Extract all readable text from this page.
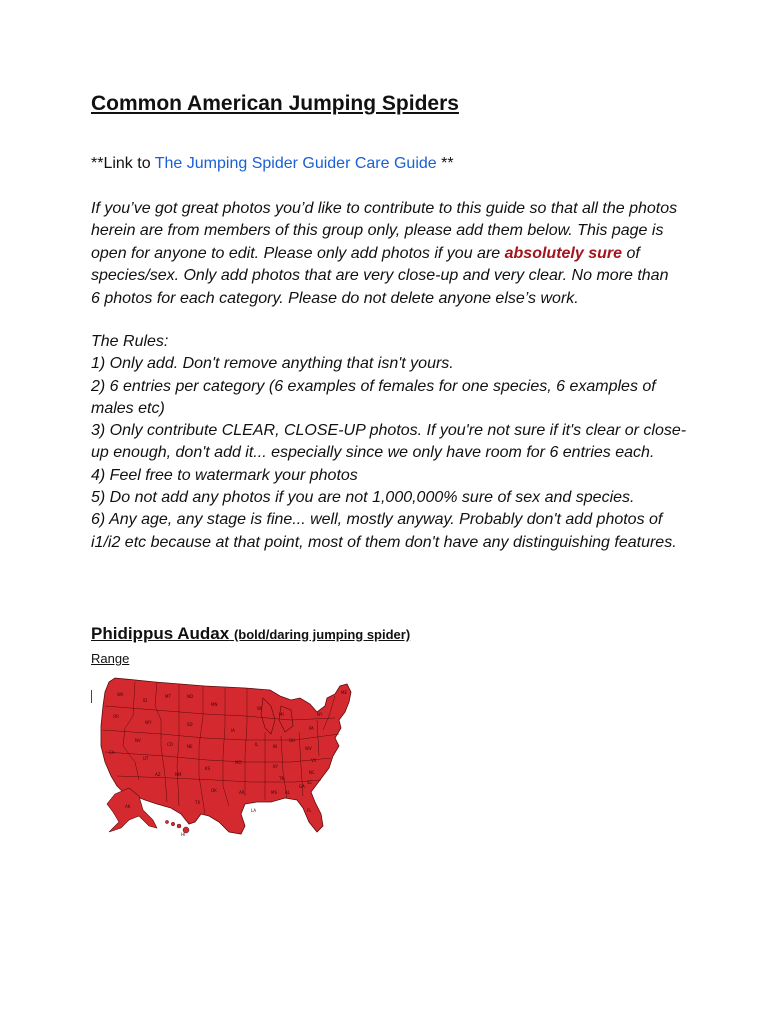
Common American Jumping Spiders

**Link to The Jumping Spider Guider Care Guide **

If you’ve got great photos you’d like to contribute to this guide so that all the photos herein are from members of this group only, please add them below. This page is open for anyone to edit. Please only add photos if you are absolutely sure of species/sex. Only add photos that are very close-up and very clear. No more than 6 photos for each category. Please do not delete anyone else’s work.

The Rules:
1) Only add. Don't remove anything that isn't yours.
2) 6 entries per category (6 examples of females for one species, 6 examples of males etc)
3) Only contribute CLEAR, CLOSE-UP photos. If you're not sure if it's clear or close-up enough, don't add it... especially since we only have room for 6 entries each.
4) Feel free to watermark your photos
5) Do not add any photos if you are not 1,000,000% sure of sex and species.
6) Any age, any stage is fine... well, mostly anyway. Probably don't add photos of i1/i2 etc because at that point, most of them don't have any distinguishing features.
Phidippus Audax (bold/daring jumping spider)
Range
WA
OR
ID
MT	ND
SD
CA
NV
WY
UT
CO	NE
AZ	NM
KS
OK
TX
MN
IA
MO
AR
LA
WI
IL
MS AL
GA
FL
IN
OH
KY
TN
WV
VA
NC
SC
PA
NY
ME
MI
AK
HI
